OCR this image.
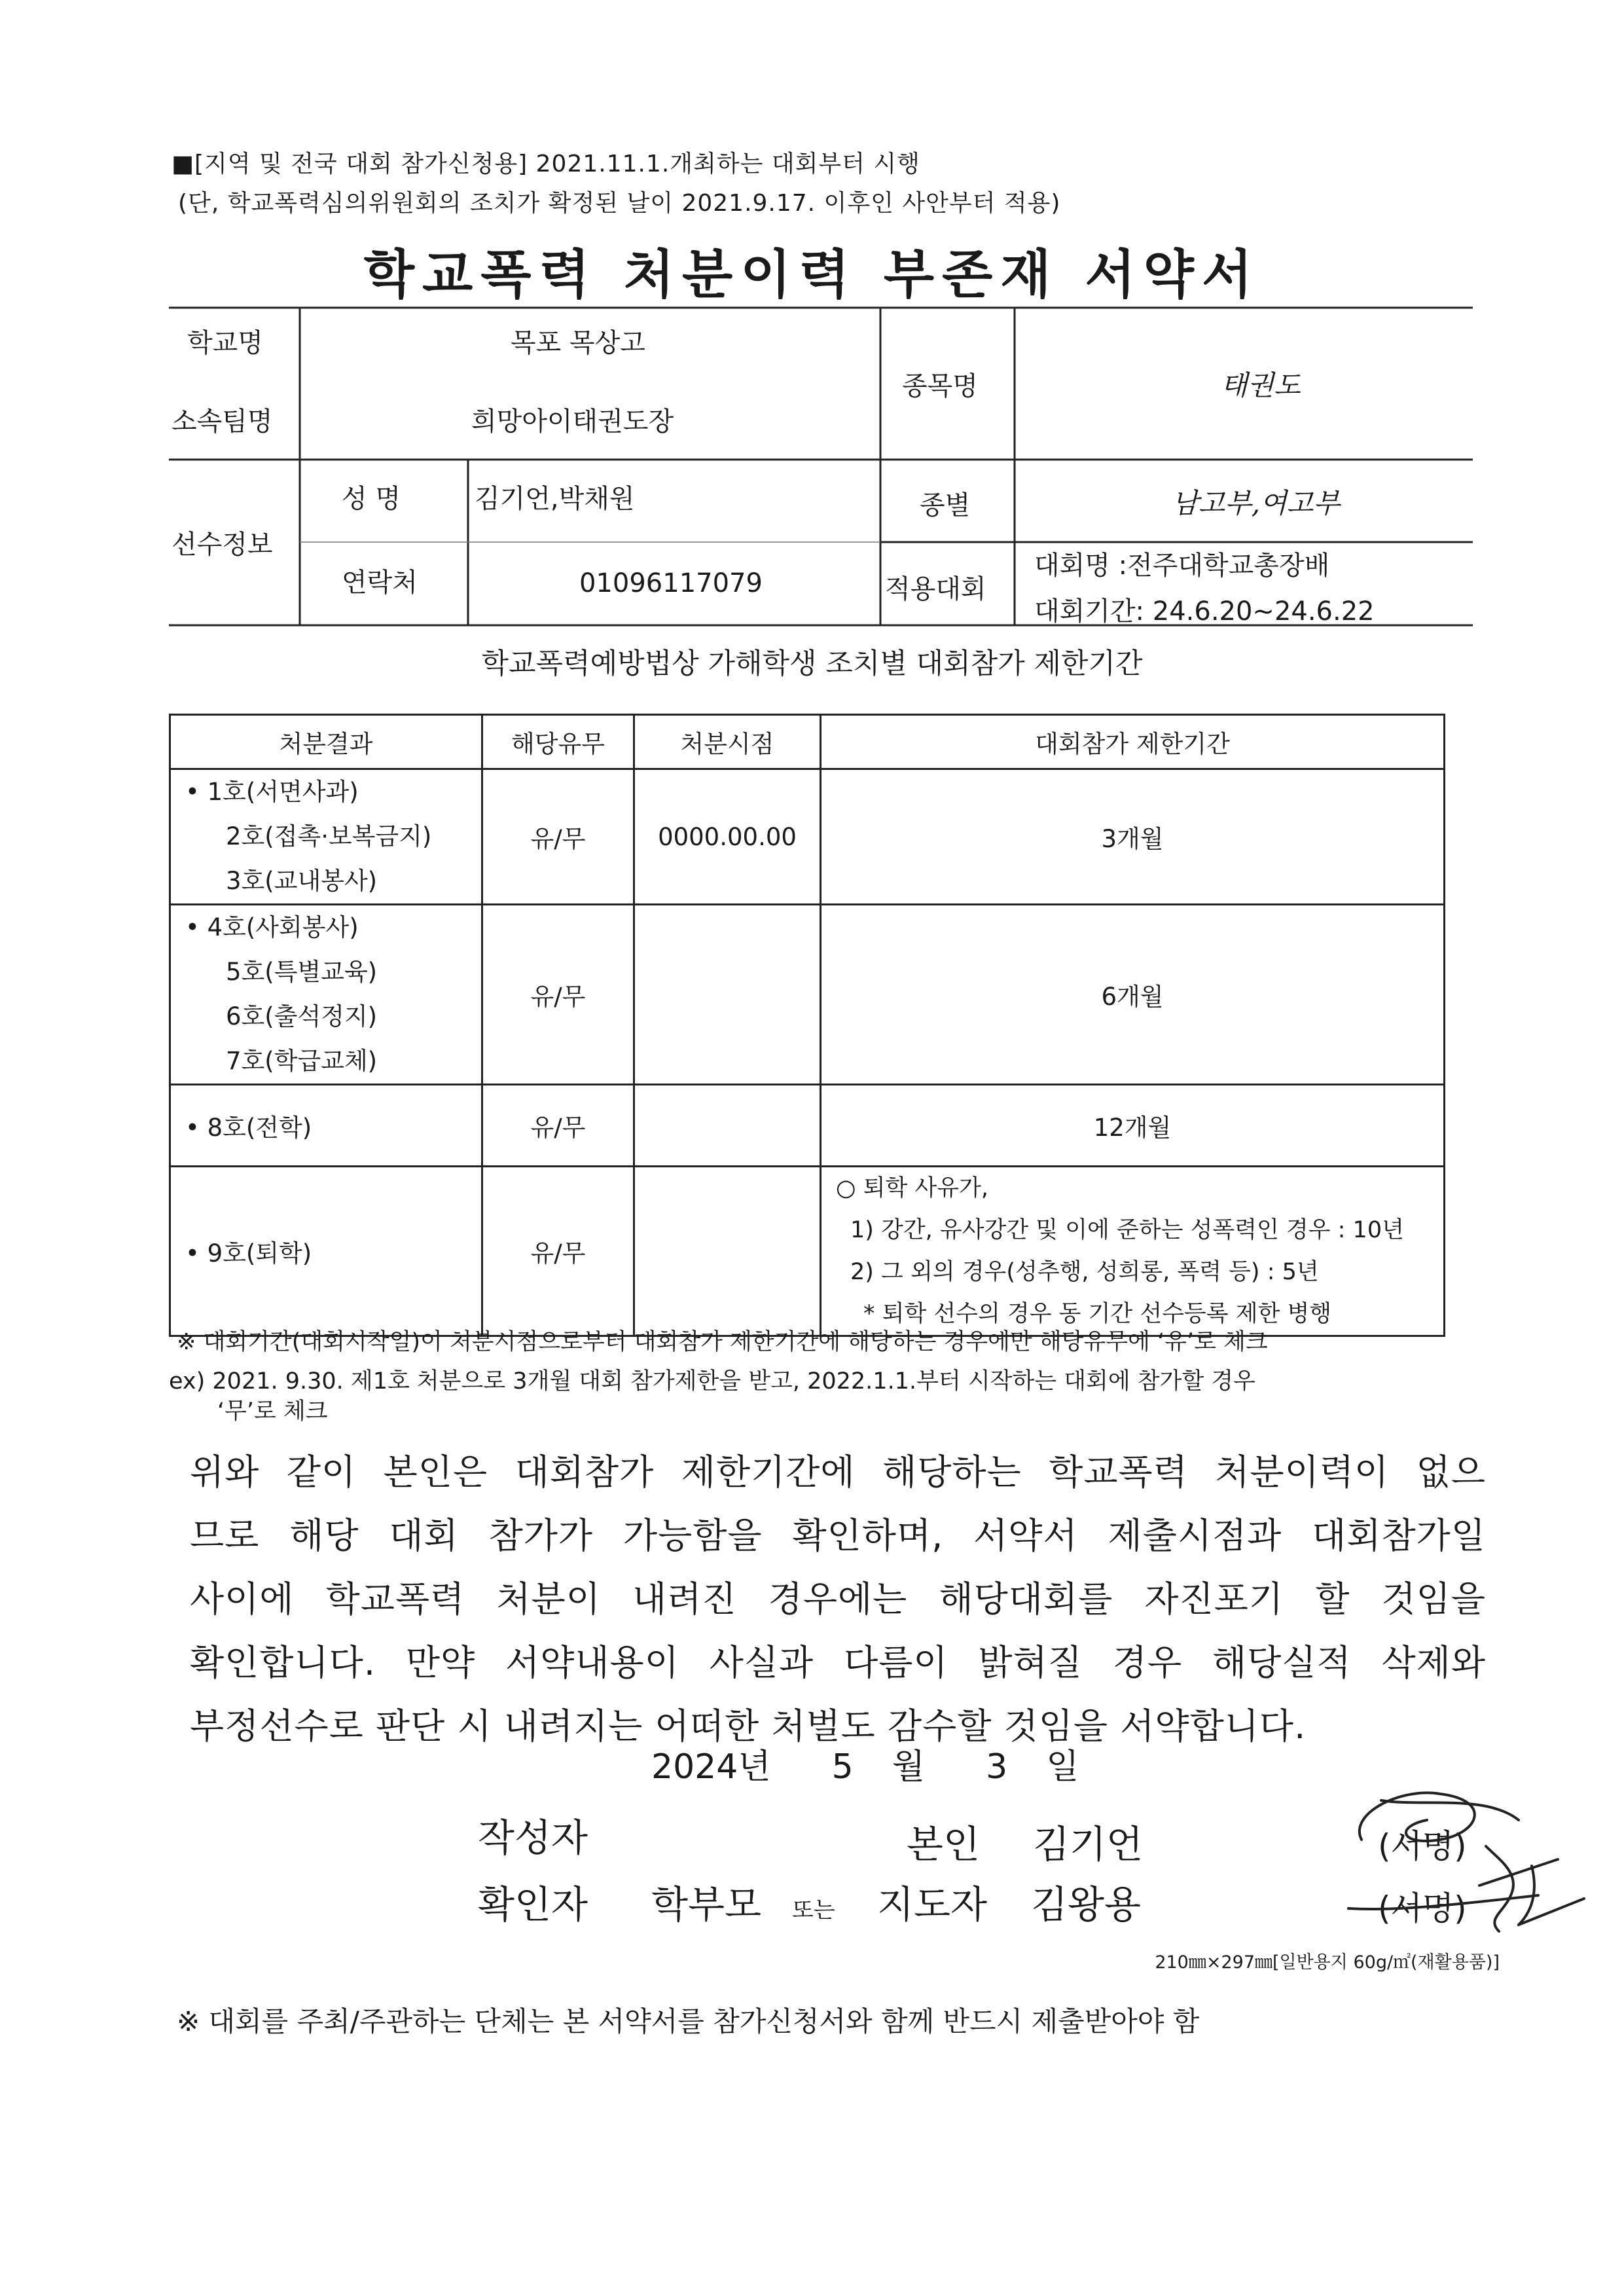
■[지역 및 전국 대회 참가신청용] 2021.11.1.개최하는 대회부터 시행
(단, 학교폭력심의위원회의 조치가 확정된 날이 2021.9.17. 이후인 사안부터 적용)
학교폭력 처분이력 부존재 서약서
학교명	목포 목상고
소속팀명	희망아이태권도장
종목명	태권도
선수정보
성 명	김기언,박채원	종별	남고부,여고부
연락처	01096117079	적용대회
대회명 :전주대학교총장배
대회기간: 24.6.20~24.6.22
학교폭력예방법상 가해학생 조치별 대회참가 제한기간
처분결과	해당유무	처분시점	대회참가 제한기간

• 1호(서면사과)
2호(접촉·보복금지)
3호(교내봉사)	유/무	0000.00.00	3개월

• 4호(사회봉사)
5호(특별교육)
6호(출석정지)
7호(학급교체)	유/무		6개월
• 8호(전학)	유/무		12개월
• 9호(퇴학)	유/무		○ 퇴학 사유가,
1) 강간, 유사강간 및 이에 준하는 성폭력인 경우 : 10년
2) 그 외의 경우(성추행, 성희롱, 폭력 등) : 5년
* 퇴학 선수의 경우 동 기간 선수등록 제한 병행
※ 대회기간(대회시작일)이 처분시점으로부터 대회참가 제한기간에 해당하는 경우에만 해당유무에 ‘유’로 체크
ex) 2021. 9.30. 제1호 처분으로 3개월 대회 참가제한을 받고, 2022.1.1.부터 시작하는 대회에 참가할 경우
‘무’로 체크
위와 같이 본인은 대회참가 제한기간에 해당하는 학교폭력 처분이력이 없으
므로 해당 대회 참가가 가능함을 확인하며, 서약서 제출시점과 대회참가일
사이에 학교폭력 처분이 내려진 경우에는 해당대회를 자진포기 할 것임을
확인합니다. 만약 서약내용이 사실과 다름이 밝혀질 경우 해당실적 삭제와
부정선수로 판단 시 내려지는 어떠한 처벌도 감수할 것임을 서약합니다.
2024년 5 월 3 일
작성자	본인 김기언	(서명)
확인자 학부모 또는 지도자 김왕용	(서명)
210㎜×297㎜[일반용지 60g/㎡(재활용품)]
※ 대회를 주최/주관하는 단체는 본 서약서를 참가신청서와 함께 반드시 제출받아야 함
